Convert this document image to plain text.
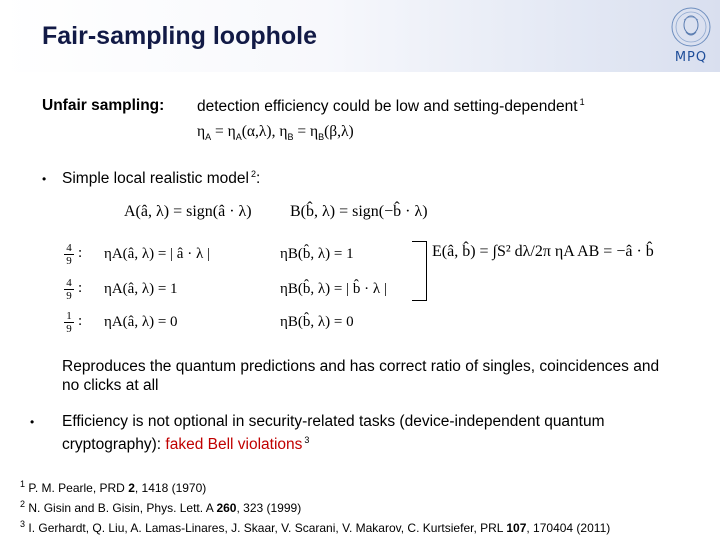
Fair-sampling loophole
MPQ
Unfair sampling: detection efficiency could be low and setting-dependent $^1$
$\eta_A = \eta_A(\alpha,\lambda)$, $\eta_B = \eta_B(\beta,\lambda)$
• Simple local realistic model $^2$:
A(â, λ) = sign(â · λ) B(b̂, λ) = sign(−b̂ · λ)
4
9 : ηA(â, λ) = | â · λ |	ηB(b̂, λ) = 1
4
9 : ηA(â, λ) = 1	ηB(b̂, λ) = | b̂ · λ |
1
9 : ηA(â, λ) = 0	ηB(b̂, λ) = 0
E(â, b̂) = ∫S² dλ/2π ηA AB = −â · b̂
Reproduces the quantum predictions and has correct ratio of singles, coincidences and no clicks at all
• Efficiency is not optional in security-related tasks (device-independent quantum cryptography): faked Bell violations $^3$
$^1$ P. M. Pearle, PRD 2, 1418 (1970)
$^2$ N. Gisin and B. Gisin, Phys. Lett. A 260, 323 (1999)
$^3$ I. Gerhardt, Q. Liu, A. Lamas-Linares, J. Skaar, V. Scarani, V. Makarov, C. Kurtsiefer, PRL 107, 170404 (2011)
